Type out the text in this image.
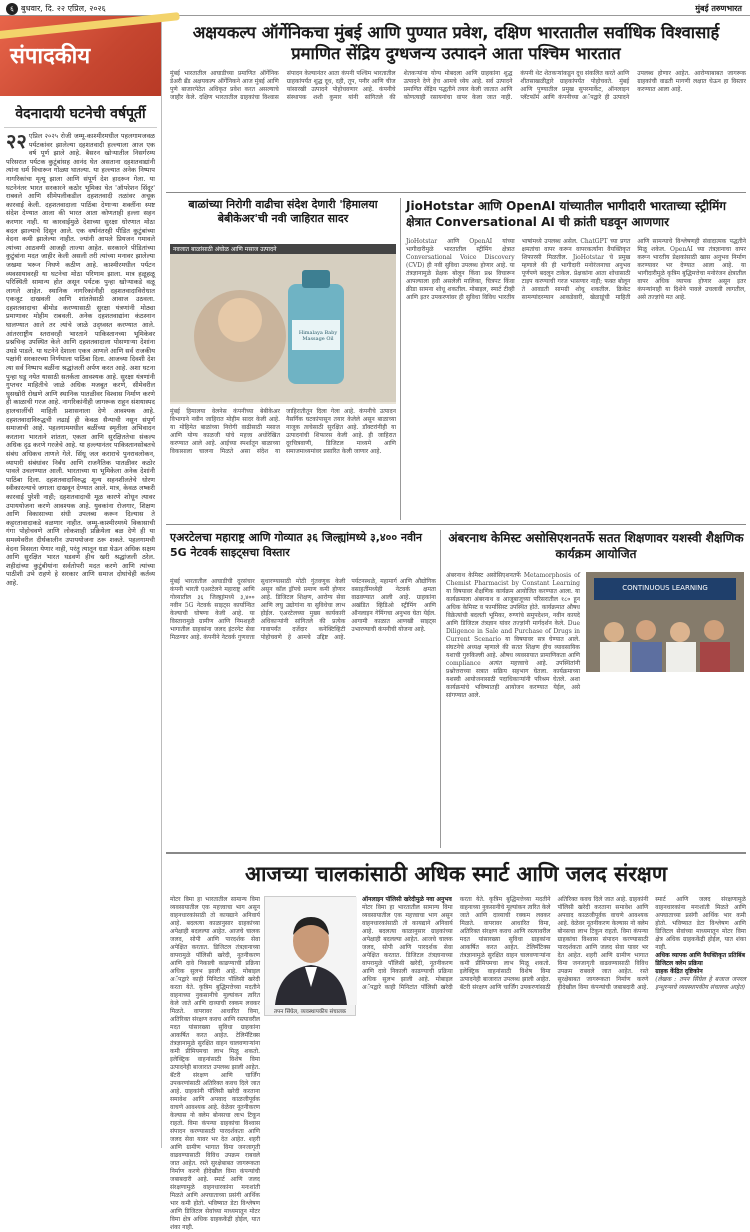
६ बुधवार, दि. २२ एप्रिल, २०२६	मुंबई तरुणभारत
संपादकीय
वेदनादायी घटनेची वर्षपूर्ती
२२ एप्रिल २०२५ रोजी जम्मू-काश्मीरमधील पहलगामजवळ पर्यटकांवर झालेल्या दहशतवादी हल्ल्याला आज एक वर्ष पूर्ण झाले आहे. बैसरन खोऱ्यातील निसर्गरम्य परिसरात पर्यटक कुटुंबांसह आनंद घेत असताना दहशतवाद्यांनी त्यांना धर्म विचारून गोळ्या घातल्या. या हल्ल्यात अनेक निष्पाप नागरिकांचा मृत्यू झाला आणि संपूर्ण देश हादरून गेला. या घटनेनंतर भारत सरकारने कठोर भूमिका घेत 'ऑपरेशन सिंदूर' राबवले आणि सीमेपलीकडील दहशतवादी तळांवर अचूक कारवाई केली. दहशतवादाला पाठिंबा देणाऱ्या शक्तींना स्पष्ट संदेश देण्यात आला की भारत आता कोणताही हल्ला सहन करणार नाही. या कारवाईमुळे देशाच्या सुरक्षा धोरणात मोठा बदल झाल्याचे दिसून आले. एक वर्षानंतरही पीडित कुटुंबांच्या वेदना कमी झालेल्या नाहीत. ज्यांनी आपले प्रियजन गमावले त्यांच्या आठवणी आजही ताज्या आहेत. सरकारने पीडितांच्या कुटुंबांना मदत जाहीर केली असली तरी त्यांच्या मनावर झालेल्या जखमा भरून निघणे कठीण आहे. काश्मीरमधील पर्यटन व्यवसायावरही या घटनेचा मोठा परिणाम झाला. मात्र हळूहळू परिस्थिती सामान्य होत असून पर्यटक पुन्हा खोऱ्याकडे वळू लागले आहेत. स्थानिक नागरिकांनीही दहशतवादाविरोधात एकजूट दाखवली आणि शांततेसाठी आवाज उठवला. दहशतवादाचा बीमोड करण्यासाठी सुरक्षा यंत्रणांनी मोठ्या प्रमाणावर मोहीम राबवली. अनेक दहशतवाद्यांना कंठस्नान घालण्यात आले तर त्यांचे जाळे उद्ध्वस्त करण्यात आले. आंतरराष्ट्रीय स्तरावरही भारताने पाकिस्तानच्या भूमिकेवर प्रश्नचिन्ह उपस्थित केले आणि दहशतवादाला पोसणाऱ्या देशांना उघडे पाडले. या घटनेने देशाला एकत्र आणले आणि सर्व राजकीय पक्षांनी सरकारच्या निर्णयाला पाठिंबा दिला. आजच्या दिवशी देश त्या सर्व निष्पाप बळींना श्रद्धांजली अर्पण करत आहे. अशा घटना पुन्हा घडू नयेत यासाठी सतर्कता आवश्यक आहे. सुरक्षा यंत्रणांनी गुप्तचर माहितीचे जाळे अधिक मजबूत करणे, सीमेवरील घुसखोरी रोखणे आणि स्थानिक पातळीवर विश्वास निर्माण करणे ही काळाची गरज आहे. नागरिकांनीही जागरूक राहून संशयास्पद हालचालींची माहिती प्रशासनाला देणे आवश्यक आहे. दहशतवादाविरुद्धची लढाई ही केवळ सैन्याची नसून संपूर्ण समाजाची आहे. पहलगाममधील बळींच्या स्मृतीला अभिवादन करताना भारताने शांतता, एकता आणि सुरक्षिततेचा संकल्प अधिक दृढ करणे गरजेचे आहे. या हल्ल्यानंतर पाकिस्तानसोबतचे संबंध अधिकच ताणले गेले. सिंधू जल कराराचे पुनरावलोकन, व्यापारी संबंधांवर निर्बंध आणि राजनैतिक पातळीवर कठोर पावले उचलण्यात आली. भारताच्या या भूमिकेला अनेक देशांनी पाठिंबा दिला. दहशतवादाविरुद्ध शून्य सहनशीलतेचे धोरण स्वीकारल्याचे जगाला दाखवून देण्यात आले. मात्र, केवळ लष्करी कारवाई पुरेशी नाही; दहशतवादाची मूळ कारणे शोधून त्यावर उपाययोजना करणे आवश्यक आहे. युवकांना रोजगार, शिक्षण आणि विकासाच्या संधी उपलब्ध करून दिल्यास ते कट्टरतावादाकडे वळणार नाहीत. जम्मू-काश्मीरमध्ये विकासाची गंगा पोहोचवणे आणि लोकशाही प्रक्रियेला बळ देणे ही या समस्येवरील दीर्घकालीन उपाययोजना ठरू शकते. पहलगामची वेदना विसरता येणार नाही, परंतु त्यातून धडा घेऊन अधिक सक्षम आणि सुरक्षित भारत घडवणे हीच खरी श्रद्धांजली ठरेल. शहीदांच्या कुटुंबीयांना सर्वतोपरी मदत करणे आणि त्यांच्या पाठीशी उभे राहणे हे सरकार आणि समाज दोघांचेही कर्तव्य आहे.
अक्षयकल्प ऑर्गेनिकचा मुंबई आणि पुण्यात प्रवेश, दक्षिण भारतातील सर्वाधिक विश्वासार्ह प्रमाणित सेंद्रिय दुग्धजन्य उत्पादने आता पश्चिम भारतात
मुंबई भारतातील आघाडीच्या प्रमाणित ऑर्गेनिक डेअरी ब्रँड अक्षयकल्प ऑर्गेनिकने आज मुंबई आणि पुणे बाजारपेठेत अधिकृत प्रवेश करत असल्याचे जाहीर केले. दक्षिण भारतातील ग्राहकांचा विश्वास संपादन केल्यानंतर आता कंपनी पश्चिम भारतातील ग्राहकांपर्यंत शुद्ध दूध, दही, तूप, पनीर आणि चीज यांसारखी उत्पादने पोहोचवणार आहे. कंपनीचे संस्थापक शशी कुमार यांनी सांगितले की शेतकऱ्यांना योग्य मोबदला आणि ग्राहकांना शुद्ध उत्पादने देणे हेच आमचे ध्येय आहे. सर्व उत्पादने प्रमाणित सेंद्रिय पद्धतीने तयार केली जातात आणि कोणत्याही रसायनांचा वापर केला जात नाही. कंपनी थेट शेतकऱ्यांकडून दूध संकलित करते आणि शीतसाखळीद्वारे ग्राहकांपर्यंत पोहोचवते. मुंबई आणि पुण्यातील प्रमुख सुपरमार्केट, ऑनलाइन प्लॅटफॉर्म आणि कंपनीच्या अॅपद्वारे ही उत्पादने उपलब्ध होणार आहेत. आरोग्याबाबत जागरूक ग्राहकांची वाढती मागणी लक्षात घेऊन हा विस्तार करण्यात आला आहे.
बाळांच्या निरोगी वाढीचा संदेश देणारी 'हिमालया बेबीकेअर'ची नवी जाहिरात सादर
नवजात बाळांसाठी अंघोळ आणि मसाज उत्पादने
Himalaya Baby Massage Oil
मुंबई हिमालया वेलनेस कंपनीच्या बेबीकेअर विभागाने नवीन जाहिरात मोहीम सादर केली आहे. या मोहिमेत बाळांच्या निरोगी वाढीसाठी मसाज आणि योग्य काळजी यांचे महत्त्व अधोरेखित करण्यात आले आहे. आईच्या स्पर्शातून बाळाच्या विकासाला चालना मिळते असा संदेश या जाहिरातीतून दिला गेला आहे. कंपनीचे उत्पादन नैसर्गिक घटकांपासून तयार केलेले असून बाळाच्या नाजूक त्वचेसाठी सुरक्षित आहे. डॉक्टरांनीही या उत्पादनांची शिफारस केली आहे. ही जाहिरात दूरचित्रवाणी, डिजिटल माध्यमे आणि समाजमाध्यमांवर प्रसारित केली जाणार आहे.
JioHotstar आणि OpenAI यांच्यातील भागीदारी भारताच्या स्ट्रीमिंग क्षेत्रात Conversational AI ची क्रांती घडवून आणणार
JioHotstar आणि OpenAI यांच्या भागीदारीमुळे भारतातील स्ट्रीमिंग क्षेत्रात Conversational Voice Discovery (CVD) ही नवी सुविधा उपलब्ध होणार आहे. या तंत्रज्ञानामुळे प्रेक्षक बोलून किंवा प्रश्न विचारून आपल्याला हवी असलेली मालिका, चित्रपट किंवा क्रीडा सामना शोधू शकतील. मोबाइल, स्मार्ट टीव्ही आणि इतर उपकरणांवर ही सुविधा विविध भारतीय भाषांमध्ये उपलब्ध असेल. ChatGPT च्या प्रगत क्षमतांचा वापर करून वापरकर्त्यांना वैयक्तिकृत शिफारसी मिळतील. JioHotstar चे प्रमुख म्हणाले की ही भागीदारी मनोरंजनाचा अनुभव पूर्णपणे बदलून टाकेल. प्रेक्षकांना आता शोधासाठी टाइप करण्याची गरज भासणार नाही; फक्त बोलून ते आवडती सामग्री शोधू शकतील. क्रिकेट सामन्यांदरम्यान आकडेवारी, खेळाडूंची माहिती आणि सामन्याचे विश्लेषणही संवादात्मक पद्धतीने मिळू शकेल. OpenAI च्या तंत्रज्ञानाचा वापर करून भारतीय प्रेक्षकांसाठी खास अनुभव निर्माण करण्यावर भर देण्यात आला आहे. या भागीदारीमुळे कृत्रिम बुद्धिमत्तेचा मनोरंजन क्षेत्रातील वापर अधिक व्यापक होणार असून इतर कंपन्यांनाही या दिशेने पावले उचलावी लागतील, असे तज्ज्ञांचे मत आहे.
एअरटेलचा महाराष्ट्र आणि गोव्यात ३६ जिल्ह्यांमध्ये ३,४०० नवीन 5G नेटवर्क साइट्सचा विस्तार
मुंबई भारतातील आघाडीची दूरसंचार कंपनी भारती एअरटेलने महाराष्ट्र आणि गोव्यातील ३६ जिल्ह्यांमध्ये ३,४०० नवीन 5G नेटवर्क साइट्स कार्यान्वित केल्याची घोषणा केली आहे. या विस्तारामुळे ग्रामीण आणि निमशहरी भागातील ग्राहकांना जलद इंटरनेट सेवा मिळणार आहे. कंपनीने नेटवर्क गुणवत्ता सुधारण्यासाठी मोठी गुंतवणूक केली असून कॉल ड्रॉपचे प्रमाण कमी होणार आहे. डिजिटल शिक्षण, आरोग्य सेवा आणि लघु उद्योगांना या सुविधेचा लाभ होईल. एअरटेलच्या मुख्य कार्यकारी अधिकाऱ्यांनी सांगितले की प्रत्येक गावापर्यंत दर्जेदार कनेक्टिव्हिटी पोहोचवणे हे आमचे उद्दिष्ट आहे. पर्यटनस्थळे, महामार्ग आणि औद्योगिक वसाहतींमध्येही नेटवर्क क्षमता वाढवण्यात आली आहे. ग्राहकांना अखंडित व्हिडिओ स्ट्रीमिंग आणि ऑनलाइन गेमिंगचा अनुभव घेता येईल. आगामी काळात आणखी साइट्स उभारण्याची कंपनीची योजना आहे.
अंबरनाथ केमिस्ट असोसिएशनतर्फे सतत शिक्षणावर यशस्वी शैक्षणिक कार्यक्रम आयोजित
CONTINUOUS LEARNING
अंबरनाथ केमिस्ट असोसिएशनतर्फे Metamorphosis of Chemist Pharmacist by Constant Learning या विषयावर शैक्षणिक कार्यक्रम आयोजित करण्यात आला. या कार्यक्रमाला अंबरनाथ व आजूबाजूच्या परिसरातील १८० हून अधिक केमिस्ट व फार्मासिस्ट उपस्थित होते. कार्यक्रमात औषध विक्रेत्यांची बदलती भूमिका, रुग्णांचे समुपदेशन, नवीन कायदे आणि डिजिटल तंत्रज्ञान यांवर तज्ज्ञांनी मार्गदर्शन केले. Due Diligence in Sale and Purchase of Drugs in Current Scenario या विषयावर सत्र घेण्यात आले. संघटनेचे अध्यक्ष म्हणाले की सतत शिक्षण हीच व्यावसायिक यशाची गुरुकिल्ली आहे. औषध व्यवसायात प्रामाणिकता आणि compliance अत्यंत महत्त्वाचे आहे. उपस्थितांनी प्रश्नोत्तराच्या सत्रात सक्रिय सहभाग घेतला. कार्यक्रमाच्या यशस्वी आयोजनासाठी पदाधिकाऱ्यांनी परिश्रम घेतले. अशा कार्यक्रमांचे भविष्यातही आयोजन करण्यात येईल, असे सांगण्यात आले.
आजच्या चालकांसाठी अधिक स्मार्ट आणि जलद संरक्षण
तपन सिंघेल, व्यवस्थापकीय संचालक
मोटर विमा हा भारतातील सामान्य विमा व्यवसायातील एक महत्त्वाचा भाग असून वाहनधारकांसाठी तो कायद्याने अनिवार्य आहे. बदलत्या काळानुसार ग्राहकांच्या अपेक्षाही बदलल्या आहेत. आजचे चालक जलद, सोपी आणि पारदर्शक सेवा अपेक्षित करतात. डिजिटल तंत्रज्ञानाच्या वापरामुळे पॉलिसी खरेदी, नूतनीकरण आणि दावे निकाली काढण्याची प्रक्रिया अधिक सुलभ झाली आहे. मोबाइल अॅपद्वारे काही मिनिटांत पॉलिसी खरेदी करता येते. कृत्रिम बुद्धिमत्तेच्या मदतीने वाहनाच्या नुकसानीचे मूल्यांकन त्वरित केले जाते आणि दाव्याची रक्कम लवकर मिळते. वापरावर आधारित विमा, अतिरिक्त संरक्षण कवच आणि रस्त्यावरील मदत यांसारख्या सुविधा ग्राहकांना आकर्षित करत आहेत. टेलिमॅटिक्स तंत्रज्ञानामुळे सुरक्षित वाहन चालवणाऱ्यांना कमी प्रीमियमचा लाभ मिळू शकतो. इलेक्ट्रिक वाहनांसाठी विशेष विमा उत्पादनेही बाजारात उपलब्ध झाली आहेत. बॅटरी संरक्षण आणि चार्जिंग उपकरणांसाठी अतिरिक्त कवच दिले जात आहे. ग्राहकांनी पॉलिसी खरेदी करताना समावेश आणि अपवाद काळजीपूर्वक वाचणे आवश्यक आहे. वेळेवर नूतनीकरण केल्यास नो क्लेम बोनसचा लाभ टिकून राहतो. विमा कंपन्या ग्राहकांचा विश्वास संपादन करण्यासाठी पारदर्शकता आणि जलद सेवा यावर भर देत आहेत. शहरी आणि ग्रामीण भागात विमा जनजागृती वाढवण्यासाठी विविध उपक्रम राबवले जात आहेत. रस्ते सुरक्षेबाबत जागरूकता निर्माण करणे हीदेखील विमा कंपन्यांची जबाबदारी आहे. स्मार्ट आणि जलद संरक्षणामुळे वाहनधारकांना मनःशांती मिळते आणि अपघाताच्या प्रसंगी आर्थिक भार कमी होतो. भविष्यात डेटा विश्लेषण आणि डिजिटल सेवांच्या माध्यमातून मोटर विमा क्षेत्र अधिक ग्राहककेंद्री होईल, यात शंका नाही.
ऑनलाइन पॉलिसी खरेदीमुळे नवा अनुभव
मोटर विमा हा भारतातील सामान्य विमा व्यवसायातील एक महत्त्वाचा भाग असून वाहनधारकांसाठी तो कायद्याने अनिवार्य आहे. बदलत्या काळानुसार ग्राहकांच्या अपेक्षाही बदलल्या आहेत. आजचे चालक जलद, सोपी आणि पारदर्शक सेवा अपेक्षित करतात. डिजिटल तंत्रज्ञानाच्या वापरामुळे पॉलिसी खरेदी, नूतनीकरण आणि दावे निकाली काढण्याची प्रक्रिया अधिक सुलभ झाली आहे. मोबाइल अॅपद्वारे काही मिनिटांत पॉलिसी खरेदी करता येते. कृत्रिम बुद्धिमत्तेच्या मदतीने वाहनाच्या नुकसानीचे मूल्यांकन त्वरित केले जाते आणि दाव्याची रक्कम लवकर मिळते. वापरावर आधारित विमा, अतिरिक्त संरक्षण कवच आणि रस्त्यावरील मदत यांसारख्या सुविधा ग्राहकांना आकर्षित करत आहेत. टेलिमॅटिक्स तंत्रज्ञानामुळे सुरक्षित वाहन चालवणाऱ्यांना कमी प्रीमियमचा लाभ मिळू शकतो. इलेक्ट्रिक वाहनांसाठी विशेष विमा उत्पादनेही बाजारात उपलब्ध झाली आहेत. बॅटरी संरक्षण आणि चार्जिंग उपकरणांसाठी अतिरिक्त कवच दिले जात आहे. ग्राहकांनी पॉलिसी खरेदी करताना समावेश आणि अपवाद काळजीपूर्वक वाचणे आवश्यक आहे. वेळेवर नूतनीकरण केल्यास नो क्लेम बोनसचा लाभ टिकून राहतो. विमा कंपन्या ग्राहकांचा विश्वास संपादन करण्यासाठी पारदर्शकता आणि जलद सेवा यावर भर देत आहेत. शहरी आणि ग्रामीण भागात विमा जनजागृती वाढवण्यासाठी विविध उपक्रम राबवले जात आहेत. रस्ते सुरक्षेबाबत जागरूकता निर्माण करणे हीदेखील विमा कंपन्यांची जबाबदारी आहे. स्मार्ट आणि जलद संरक्षणामुळे वाहनधारकांना मनःशांती मिळते आणि अपघाताच्या प्रसंगी आर्थिक भार कमी होतो. भविष्यात डेटा विश्लेषण आणि डिजिटल सेवांच्या माध्यमातून मोटर विमा क्षेत्र अधिक ग्राहककेंद्री होईल, यात शंका नाही.
अधिक व्यापक आणि वैयक्तिकृत प्रतिबिंब
डिजिटल क्लेम प्रक्रिया
ग्राहक केंद्रित दृष्टिकोन
(लेखक : तपन सिंघेल हे बजाज जनरल इन्शुरन्सचे व्यवस्थापकीय संचालक आहेत)
